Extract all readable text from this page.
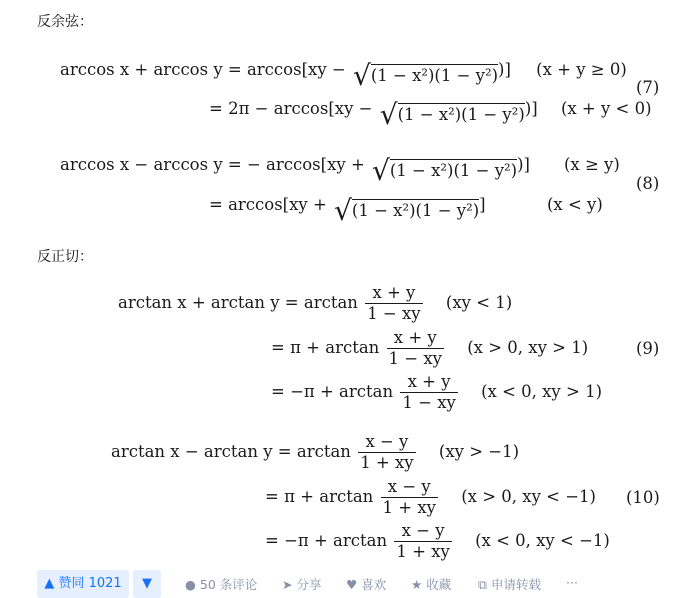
反余弦：
arccos x + arccos y = arccos[xy − √(1 − x²)(1 − y²))] (x + y ≥ 0)
= 2π − arccos[xy − √(1 − x²)(1 − y²))] (x + y < 0)
(7)
arccos x − arccos y = − arccos[xy + √(1 − x²)(1 − y²))] (x ≥ y)
= arccos[xy + √(1 − x²)(1 − y²)]	(x < y)
(8)
反正切：
$\arctan x + \arctan y = \arctan \frac{x + y}{1 - xy} (xy < 1)$
= $\pi + \arctan \frac{x + y}{1 - xy} (x > 0$, xy > 1)
= $-\pi + \arctan \frac{x + y}{1 - xy} (x < 0$, xy > 1)
(9)
$\arctan x - \arctan y = \arctan \frac{x - y}{1 + xy} (xy > -1)$
= $\pi + \arctan \frac{x - y}{1 + xy} (x > 0$, xy < −1)
= $-\pi + \arctan \frac{x - y}{1 + xy} (x < 0$, xy < −1)
(10)
▲ 赞同 1021	▼	● 50 条评论 ➤ 分享 ♥ 喜欢 ★ 收藏 ⧉ 申请转载 ···
